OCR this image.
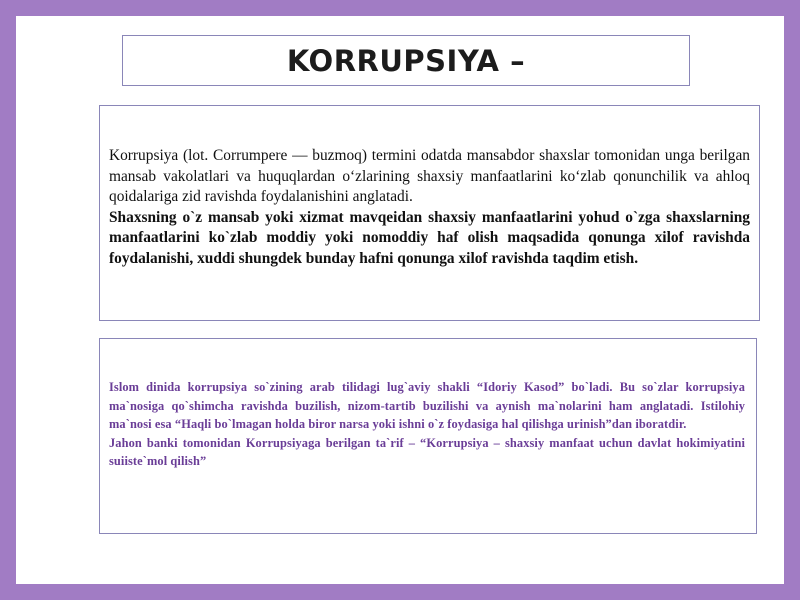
KORRUPSIYA –

Korrupsiya (lot. Corrumpere — buzmoq) termini odatda mansabdor shaxslar tomonidan unga berilgan mansab vakolatlari va huquqlardan o‘zlarining shaxsiy manfaatlarini ko‘zlab qonunchilik va ahloq qoidalariga zid ravishda foydalanishini anglatadi.

Shaxsning o`z mansab yoki xizmat mavqeidan shaxsiy manfaatlarini yohud o`zga shaxslarning manfaatlarini ko`zlab moddiy yoki nomoddiy haf olish maqsadida qonunga xilof ravishda foydalanishi, xuddi shungdek bunday hafni qonunga xilof ravishda taqdim etish.

Islom dinida korrupsiya so`zining arab tilidagi lug`aviy shakli “Idoriy Kasod” bo`ladi. Bu so`zlar korrupsiya ma`nosiga qo`shimcha ravishda buzilish, nizom-tartib buzilishi va aynish ma`nolarini ham anglatadi. Istilohiy ma`nosi esa “Haqli bo`lmagan holda biror narsa yoki ishni o`z foydasiga hal qilishga urinish”dan iboratdir.

Jahon banki tomonidan Korrupsiyaga berilgan ta`rif – “Korrupsiya – shaxsiy manfaat uchun davlat hokimiyatini suiiste`mol qilish”
